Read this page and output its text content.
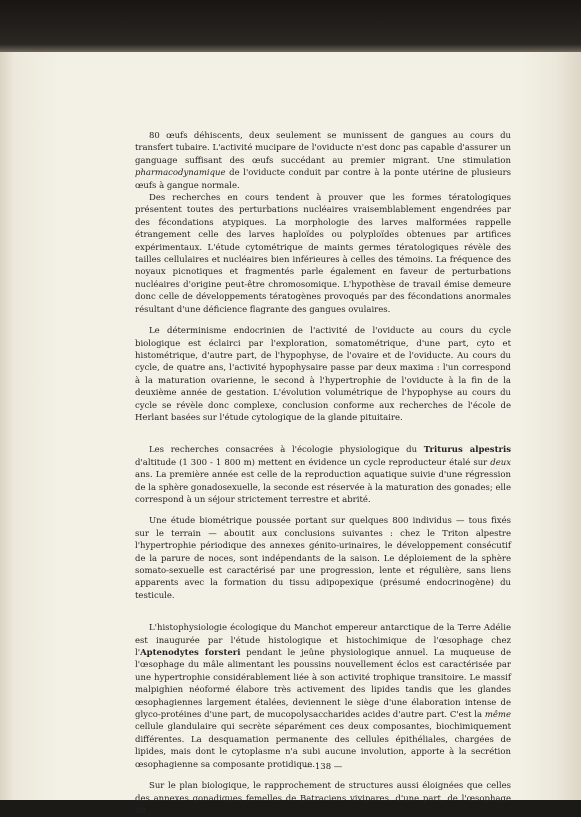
80 œufs déhiscents, deux seulement se munissent de gangues au cours du transfert tubaire. L'activité mucipare de l'oviducte n'est donc pas capable d'assurer un ganguage suffisant des œufs succédant au premier migrant. Une stimulation pharmacodynamique de l'oviducte conduit par contre à la ponte utérine de plusieurs œufs à gangue normale.

Des recherches en cours tendent à prouver que les formes tératologiques présentent toutes des perturbations nucléaires vraisemblablement engendrées par des fécondations atypiques. La morphologie des larves malformées rappelle étrangement celle des larves haploïdes ou polyploïdes obtenues par artifices expérimentaux. L'étude cytométrique de maints germes tératologiques révèle des tailles cellulaires et nucléaires bien inférieures à celles des témoins. La fréquence des noyaux picnotiques et fragmentés parle également en faveur de perturbations nucléaires d'origine peut-être chromosomique. L'hypothèse de travail émise demeure donc celle de développements tératogènes provoqués par des fécondations anormales résultant d'une déficience flagrante des gangues ovulaires.

Le déterminisme endocrinien de l'activité de l'oviducte au cours du cycle biologique est éclairci par l'exploration, somatométrique, d'une part, cyto et histométrique, d'autre part, de l'hypophyse, de l'ovaire et de l'oviducte. Au cours du cycle, de quatre ans, l'activité hypophysaire passe par deux maxima : l'un correspond à la maturation ovarienne, le second à l'hypertrophie de l'oviducte à la fin de la deuxième année de gestation. L'évolution volumétrique de l'hypophyse au cours du cycle se révèle donc complexe, conclusion conforme aux recherches de l'école de Herlant basées sur l'étude cytologique de la glande pituitaire.

Les recherches consacrées à l'écologie physiologique du Triturus alpestris d'altitude (1 300 - 1 800 m) mettent en évidence un cycle reproducteur étalé sur deux ans. La première année est celle de la reproduction aquatique suivie d'une régression de la sphère gonadosexuelle, la seconde est réservée à la maturation des gonades; elle correspond à un séjour strictement terrestre et abrité.

Une étude biométrique poussée portant sur quelques 800 individus — tous fixés sur le terrain — aboutit aux conclusions suivantes : chez le Triton alpestre l'hypertrophie périodique des annexes génito-urinaires, le développement consécutif de la parure de noces, sont indépendants de la saison. Le déploiement de la sphère somato-sexuelle est caractérisé par une progression, lente et régulière, sans liens apparents avec la formation du tissu adipopexique (présumé endocrinogène) du testicule.

L'histophysiologie écologique du Manchot empereur antarctique de la Terre Adélie est inaugurée par l'étude histologique et histochimique de l'œsophage chez l'Aptenodytes forsteri pendant le jeûne physiologique annuel. La muqueuse de l'œsophage du mâle alimentant les poussins nouvellement éclos est caractérisée par une hypertrophie considérablement liée à son activité trophique transitoire. Le massif malpighien néoformé élabore très activement des lipides tandis que les glandes œsophagiennes largement étalées, deviennent le siège d'une élaboration intense de glyco-protéines d'une part, de mucopolysaccharides acides d'autre part. C'est la même cellule glandulaire qui secrète séparément ces deux composantes, biochimiquement différentes. La desquamation permanente des cellules épithéliales, chargées de lipides, mais dont le cytoplasme n'a subi aucune involution, apporte à la secrétion œsophagienne sa composante protidique.

Sur le plan biologique, le rapprochement de structures aussi éloignées que celles des annexes gonadiques femelles de Batraciens vivipares, d'une part, de l'œsophage du

— 138 —
